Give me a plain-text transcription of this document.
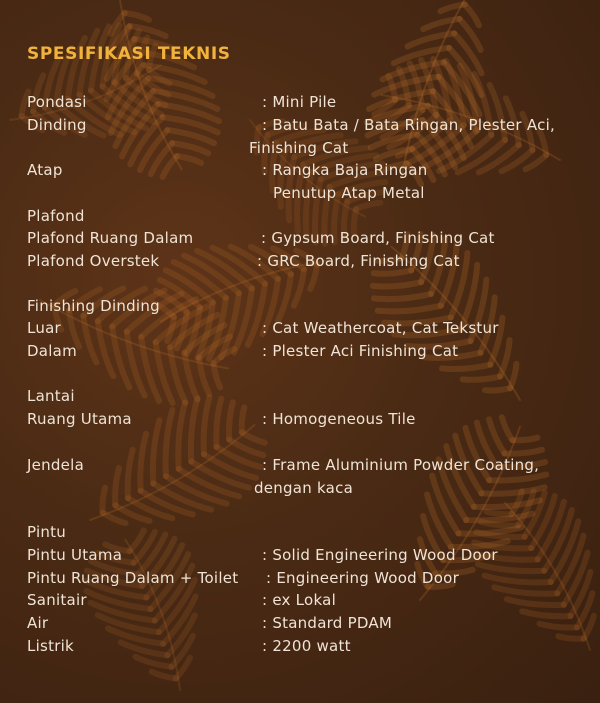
SPESIFIKASI TEKNIS
Pondasi	: Mini Pile
Dinding	: Batu Bata / Bata Ringan, Plester Aci,
Finishing Cat
Atap	: Rangka Baja Ringan
Penutup Atap Metal
Plafond
Plafond Ruang Dalam	: Gypsum Board, Finishing Cat
Plafond Overstek	: GRC Board, Finishing Cat
Finishing Dinding
Luar	: Cat Weathercoat, Cat Tekstur
Dalam	: Plester Aci Finishing Cat
Lantai
Ruang Utama	: Homogeneous Tile
Jendela	: Frame Aluminium Powder Coating,
dengan kaca
Pintu
Pintu Utama	: Solid Engineering Wood Door
Pintu Ruang Dalam + Toilet : Engineering Wood Door
Sanitair	: ex Lokal
Air	: Standard PDAM
Listrik	: 2200 watt
